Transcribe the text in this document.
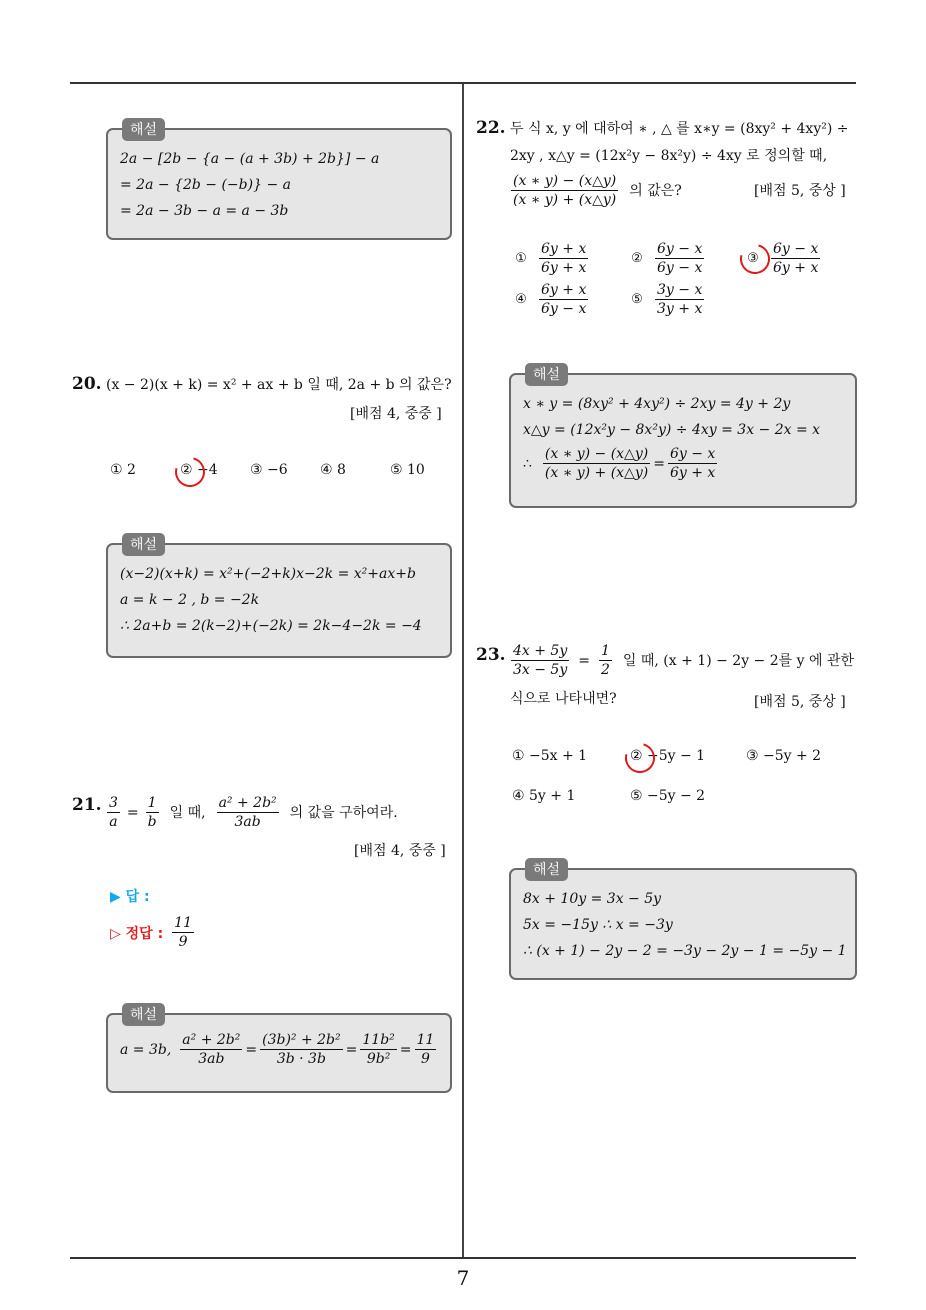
해설
2a − [2b − {a − (a + 3b) + 2b}] − a
= 2a − {2b − (−b)} − a
= 2a − 3b − a = a − 3b
20. (x − 2)(x + k) = x² + ax + b 일 때, 2a + b 의 값은?
[배점 4, 중중 ]
① 2	② −4 ③ −6 ④ 8	⑤ 10
해설
(x−2)(x+k) = x²+(−2+k)x−2k = x²+ax+b
a = k − 2 , b = −2k
∴ 2a+b = 2(k−2)+(−2k) = 2k−4−2k = −4
21. $\frac{3}{a} = \frac{1}{b}$ 일 때, $\frac{\text{a² + 2b²}}{3ab}$ 의 값을 구하여라.
[배점 4, 중중 ]
▶ 답 :
▷ 정답 : $\frac{11}{9}$
해설
a = 3b, $\frac{\text{a² + 2b²}}{3ab} = \frac{\text{(3b)² + 2b²}}{3b \cdot 3b} = \frac{\text{11b²}}{\text{9b²}} = \frac{11}{9}$
22. 두 식 x, y 에 대하여 ∗ , △ 를 x∗y = (8xy² + 4xy²) ÷
2xy , x△y = (12x²y − 8x²y) ÷ 4xy 로 정의할 때,
$\frac{(x ∗ y) - (x\triangle y)}{(x ∗ y) + (x\triangle y)}$ 의 값은?	[배점 5, 중상 ]
① $\frac{6y + x}{6y + x}$	② $\frac{6y - x}{6y - x}$	③ $\frac{6y - x}{6y + x}$
④ $\frac{6y + x}{6y - x}$	⑤ $\frac{3y - x}{3y + x}$
해설
x ∗ y = (8xy² + 4xy²) ÷ 2xy = 4y + 2y
x△y = (12x²y − 8x²y) ÷ 4xy = 3x − 2x = x
∴ $\frac{(x ∗ y) - (x\triangle y)}{(x ∗ y) + (x\triangle y)} = \frac{6y - x}{6y + x}$
23. $\frac{4x + 5y}{3x - 5y} = \frac{1}{2}$ 일 때, (x + 1) − 2y − 2를 y 에 관한
식으로 나타내면?	[배점 5, 중상 ]
① −5x + 1	② −5y − 1	③ −5y + 2
④ 5y + 1	⑤ −5y − 2
해설
8x + 10y = 3x − 5y
5x = −15y ∴ x = −3y
∴ (x + 1) − 2y − 2 = −3y − 2y − 1 = −5y − 1
7
